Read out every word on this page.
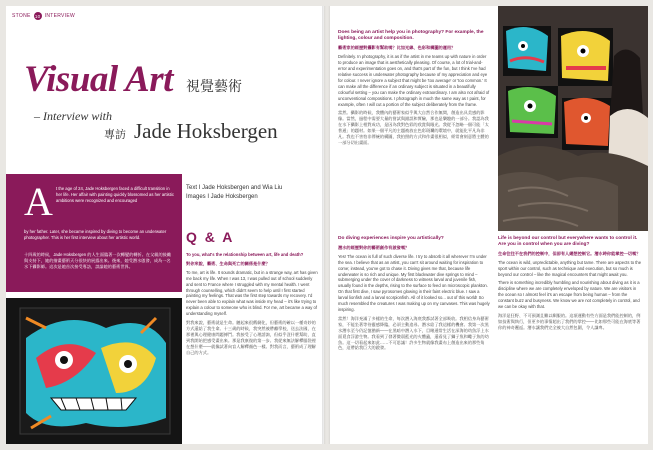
STONE 10 INTERVIEW
Visual Art 視覺藝術
– Interview with
專訪 Jade Hoksbergen
A t the age of 24, Jade Hoksbergen faced a difficult transition in her life. Her affair with painting quickly blossomed as her artistic ambitions were recognized and encouraged
by her father. Later, she became inspired by diving to become an underwater photographer. This is her first interview about her artistic world.
十四歲的時候，Jade Hoksbergen 的人生面臨著一次轉變的轉折。在父親的鼓勵與支持下，她的繪畫藝術天分很快的展露出來。後來，她受潛水啟發，成為一名水下攝影師。這次是她首次接受專訪，談論她的藝術世界。
Text I Jade Hoksbergen and Wia Liu
Images I Jade Hoksbergen
Q & A

To you, what's the relationship between art, life and death?

對你來說，藝術、生命與死亡的關係是什麼？

To me, art is life. It sounds dramatic, but in a strange way, art has given me back my life. When I was 13, I was pulled out of school suddenly and sent to France where I struggled with my mental health. I went through counselling, which didn't seem to help until I first started painting my feelings. That was the first step towards my recovery. I'd never been able to explain what was inside my head – it's like trying to explain a colour to someone who is blind. For me, art became a way of understanding myself.

對我來說，藝術就是生命。聽起來很戲劇化，但藝術的確以一種奇妙的方式還給了我生命。十三歲的時候，我突然被帶離學校，送去法國，在那裡與心理健康問題搏鬥。我接受了心理諮詢，但似乎沒什麼幫助，直到我開始把感受畫出來。那是我康復的第一步。我從來無法解釋腦袋裡在想什麼——就像試著向盲人解釋顏色一樣。對我而言，藝術成了理解自己的方式。

Does being an artist help you in photography? For example, the lighting, colour and composition.

藝術家的經歷對攝影有幫助嗎？比如光線、色彩和構圖的運用？

Definitely. In photography, it is as if the artist in me teams up with nature in order to produce an image that is aesthetically pleasing. Of course, a lot of trial-and-error and experimentation goes on, and that's part of the fun, but I think I've had relative success in underwater photography because of my appreciation and eye for colour. I never ignore a subject that might be 'too average' or 'too common.' It can make all the difference if an ordinary subject is situated in a beautifully colourful setting – you can make the ordinary extraordinary. I am also not afraid of unconventional compositions. I photograph in much the same way as I paint, for example, often I will cut a portion of the subject deliberately from the frame.

當然。攝影的時候，我體內的藝術家似乎與大自然合作無間，創造出具美感的影像。當然，過程中需要大量的嘗試與錯誤和實驗，那也是樂趣的一部分。我認為我在水下攝影上相對成功，是因為我對色彩的欣賞與眼光。我從不忽略一個可能「太普通」的題材。如果一個平凡的主題被放在色彩斑斕的環境中，就能化平凡為非凡。我也不害怕非傳統的構圖，我拍照的方式和作畫很相似，經常會刻意將主體的一部分切出畫面。

Do diving experiences inspire you artistically?

潛水的經歷對你的藝術創作有啟發嗎？

Yes! The ocean is full of such diverse life. I try to absorb it all wherever I'm under the sea. I believe that as an artist, you can't sit around waiting for inspiration to come; instead, you've got to chase it. Diving gives me that, because life underwater is so rich and unique. My first blackwater dive springs to mind – submerging under the cover of darkness to witness larval and juvenile fish, usually found in the depths, rising to the surface to feed on microscopic plankton. On that first dive, I saw pyrosomes glowing in their faint electric blue. I saw a larval lionfish and a larval scorpionfish. All of it looked so... out of this world! So much resembled the creatures I was making up on my canvases. This was hugely inspiring.

當然！海洋充滿了多樣的生命，每次潛入海底我都試著全部吸收。我相信身為藝術家，不能坐著等待靈感降臨，必須主動追尋。潛水給了我這樣的機會。我第一次黑水潛水至今仍記憶猶新——在黑暗中潛入水下，目睹通常生活在深海的幼魚浮上水面覓食浮游生物。我看到了發著微弱藍光的火體蟲，還看見了獅子魚和蠍子魚的幼魚。這一切看起來如此……不可思議！許多生物就像我畫布上創造出來的那些角色，這帶給我巨大的啟發。

Life is beyond our control but everywhere wants to control it. Are you in control when you are diving?

生命往往不在我們的控制中，但卻有人總想控制它。潛水時你能掌控一切嗎？

The ocean is wild, unpredictable, anything but tame. There are aspects to the sport within our control, such as technique and execution, but so much is beyond our control – like the magical encounters that might await you.

There is something incredibly humbling and nourishing about diving as it is a discipline where we are completely enveloped by nature. We are visitors in the ocean so I almost feel it's an escape from being human – from the constant buzz and busyness. We know we are not completely in control, and we can be okay with that.

海洋是狂野、不可預測且難以馴服的。這項運動有些方面是我們能控制的，例如技術與執行，但更多的事情超出了我們的掌控——比如那些可能在海底等著你的神奇邂逅。潛水讓我們完全被大自然包圍，令人謙卑。
